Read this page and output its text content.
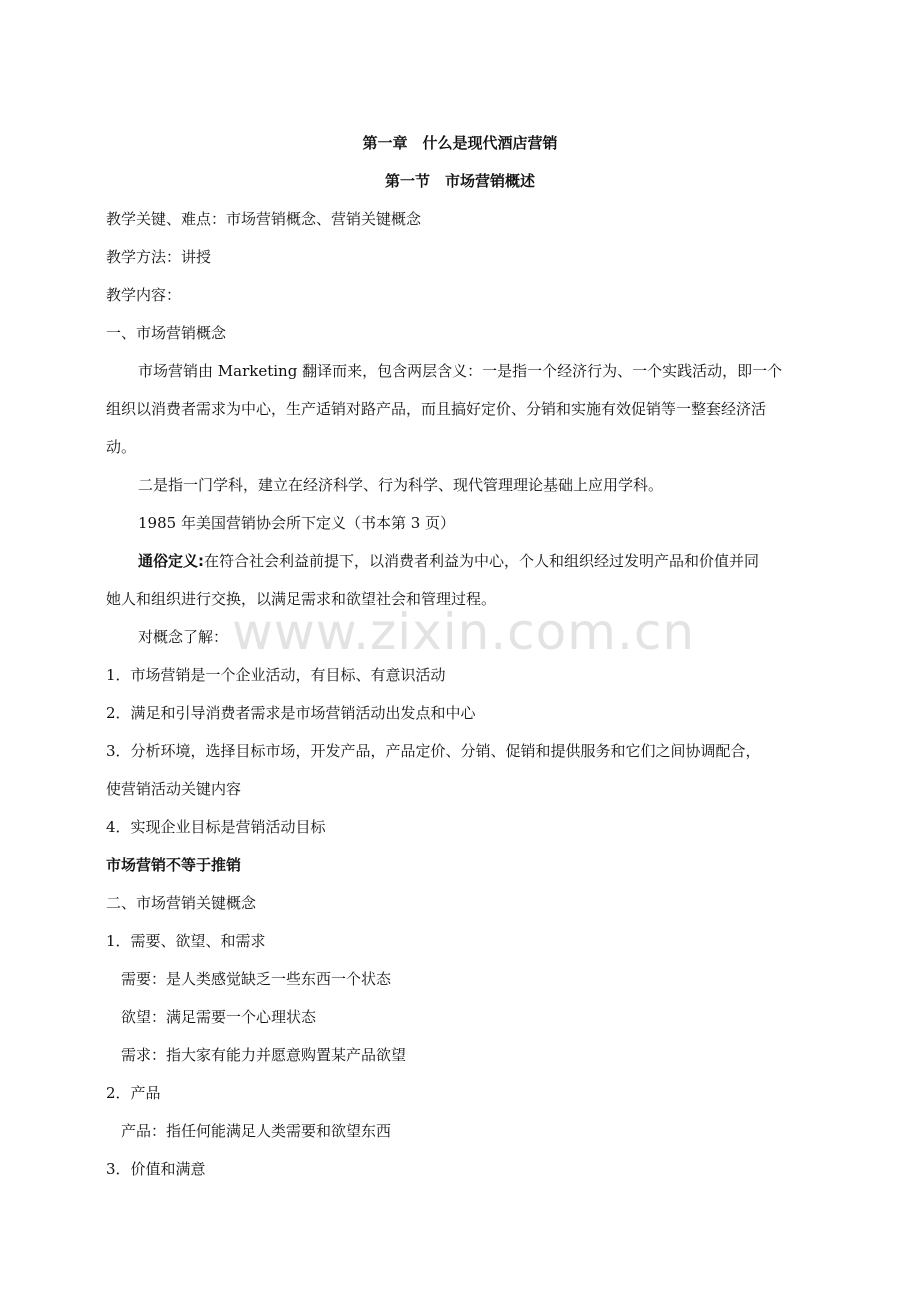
第一章　什么是现代酒店营销
第一节　市场营销概述
教学关键、难点：市场营销概念、营销关键概念
教学方法：讲授
教学内容：
一、市场营销概念
市场营销由 Marketing 翻译而来，包含两层含义：一是指一个经济行为、一个实践活动，即一个
组织以消费者需求为中心，生产适销对路产品，而且搞好定价、分销和实施有效促销等一整套经济活
动。
二是指一门学科，建立在经济科学、行为科学、现代管理理论基础上应用学科。
1985 年美国营销协会所下定义（书本第 3 页）
通俗定义:在符合社会利益前提下，以消费者利益为中心，个人和组织经过发明产品和价值并同
她人和组织进行交换，以满足需求和欲望社会和管理过程。
对概念了解：
1．市场营销是一个企业活动，有目标、有意识活动
2．满足和引导消费者需求是市场营销活动出发点和中心
3．分析环境，选择目标市场，开发产品，产品定价、分销、促销和提供服务和它们之间协调配合，
使营销活动关键内容
4．实现企业目标是营销活动目标
市场营销不等于推销
二、市场营销关键概念
1．需要、欲望、和需求
需要：是人类感觉缺乏一些东西一个状态
欲望：满足需要一个心理状态
需求：指大家有能力并愿意购置某产品欲望
2．产品
产品：指任何能满足人类需要和欲望东西
3．价值和满意
www.zixin.com.cn
